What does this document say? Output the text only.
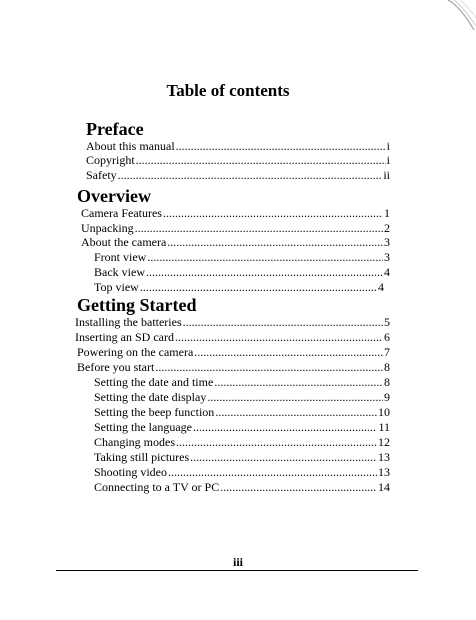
Table of contents
Preface
About this manual .....	i
Copyright .....	i
Safety .....	ii
Overview
Camera Features .....	1
Unpacking .....	2
About the camera .....	3
Front view .....	3
Back view .....	4
Top view .....	4
Getting Started
Installing the batteries .....	5
Inserting an SD card .....	6
Powering on the camera .....	7
Before you start .....	8
Setting the date and time .....	8
Setting the date display .....	9
Setting the beep function .....	10
Setting the language .....	11
Changing modes .....	12
Taking still pictures .....	13
Shooting video .....	13
Connecting to a TV or PC .....	14
iii
